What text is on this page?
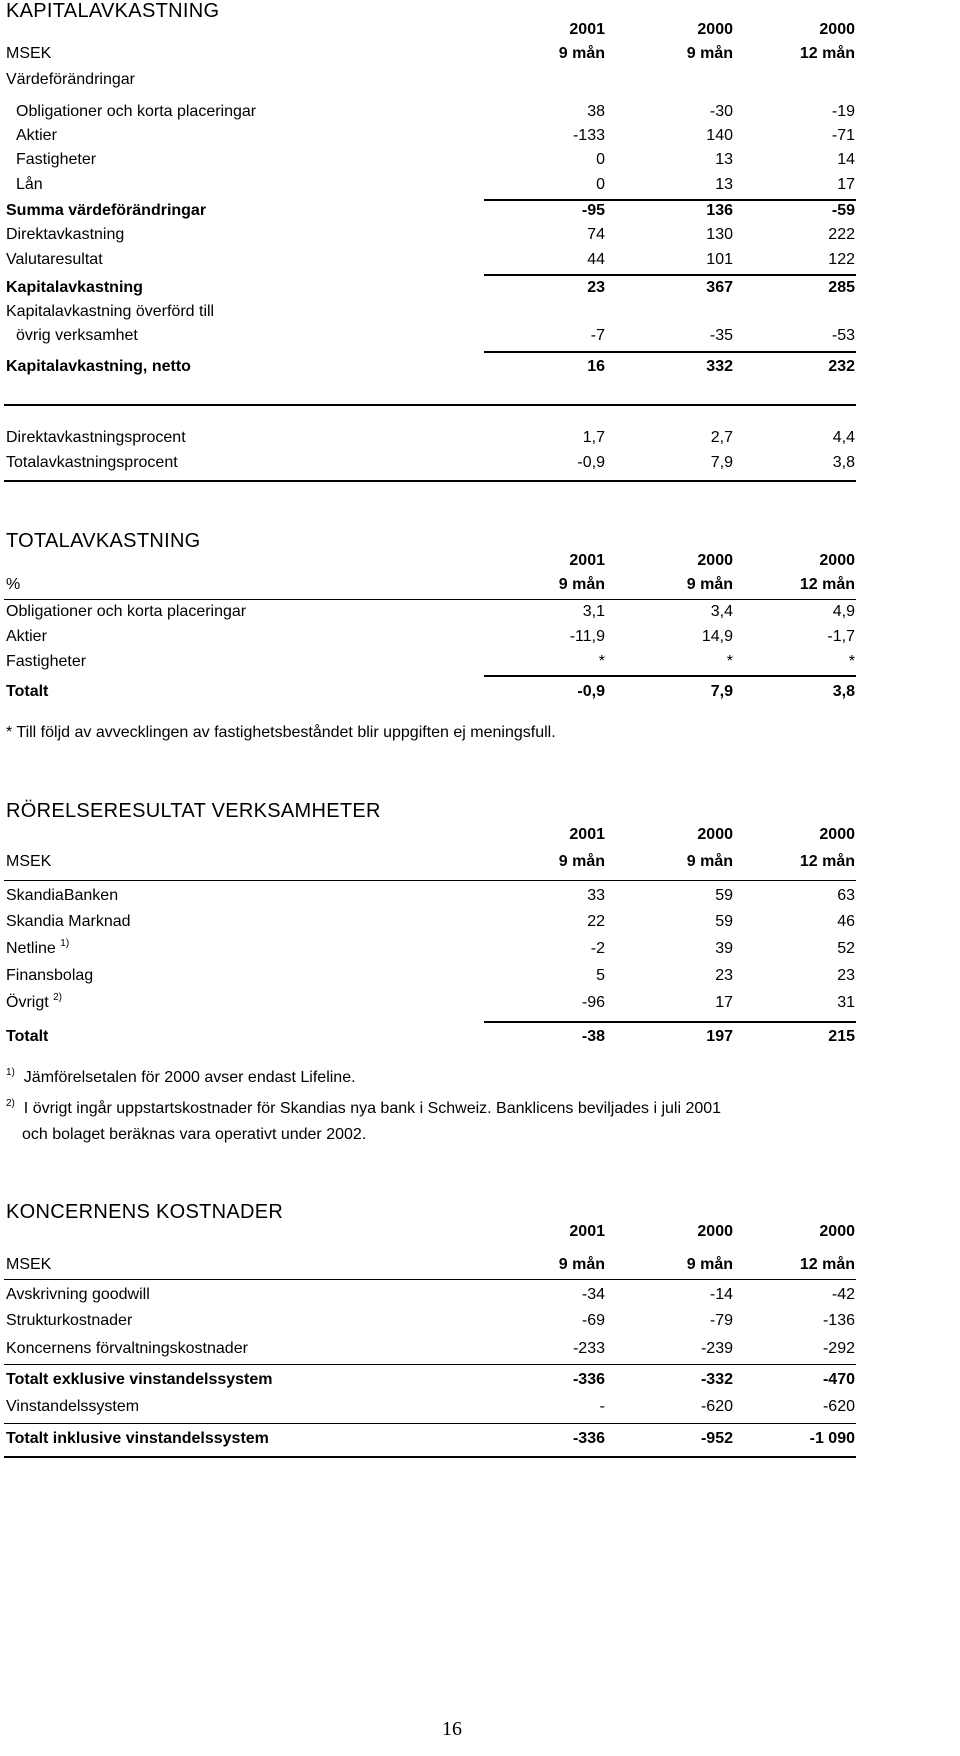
KAPITALAVKASTNING
2001	2000	2000
MSEK	9 mån	9 mån	12 mån
Värdeförändringar
Obligationer och korta placeringar	38	-30	-19
Aktier	-133	140	-71
Fastigheter	0	13	14
Lån	0	13	17
Summa värdeförändringar	-95	136	-59
Direktavkastning	74	130	222
Valutaresultat	44	101	122
Kapitalavkastning	23	367	285
Kapitalavkastning överförd till
övrig verksamhet	-7	-35	-53
Kapitalavkastning, netto	16	332	232
Direktavkastningsprocent	1,7	2,7	4,4
Totalavkastningsprocent	-0,9	7,9	3,8
TOTALAVKASTNING
2001	2000	2000
%	9 mån	9 mån	12 mån
Obligationer och korta placeringar	3,1	3,4	4,9
Aktier	-11,9	14,9	-1,7
Fastigheter	*	*	*
Totalt	-0,9	7,9	3,8
* Till följd av avvecklingen av fastighetsbeståndet blir uppgiften ej meningsfull.
RÖRELSERESULTAT VERKSAMHETER
2001	2000	2000
MSEK	9 mån	9 mån	12 mån
SkandiaBanken	33	59	63
Skandia Marknad	22	59	46
Netline $^{1)}$	-2	39	52
Finansbolag	5	23	23
Övrigt $^{2)}$	-96	17	31
Totalt	-38	197	215
$^{1)}$ Jämförelsetalen för 2000 avser endast Lifeline.
$^{2)}$ I övrigt ingår uppstartskostnader för Skandias nya bank i Schweiz. Banklicens beviljades i juli 2001
och bolaget beräknas vara operativt under 2002.
KONCERNENS KOSTNADER
2001	2000	2000
MSEK	9 mån	9 mån	12 mån
Avskrivning goodwill	-34	-14	-42
Strukturkostnader	-69	-79	-136
Koncernens förvaltningskostnader	-233	-239	-292
Totalt exklusive vinstandelssystem	-336	-332	-470
Vinstandelssystem	-	-620	-620
Totalt inklusive vinstandelssystem	-336	-952	-1 090
16
